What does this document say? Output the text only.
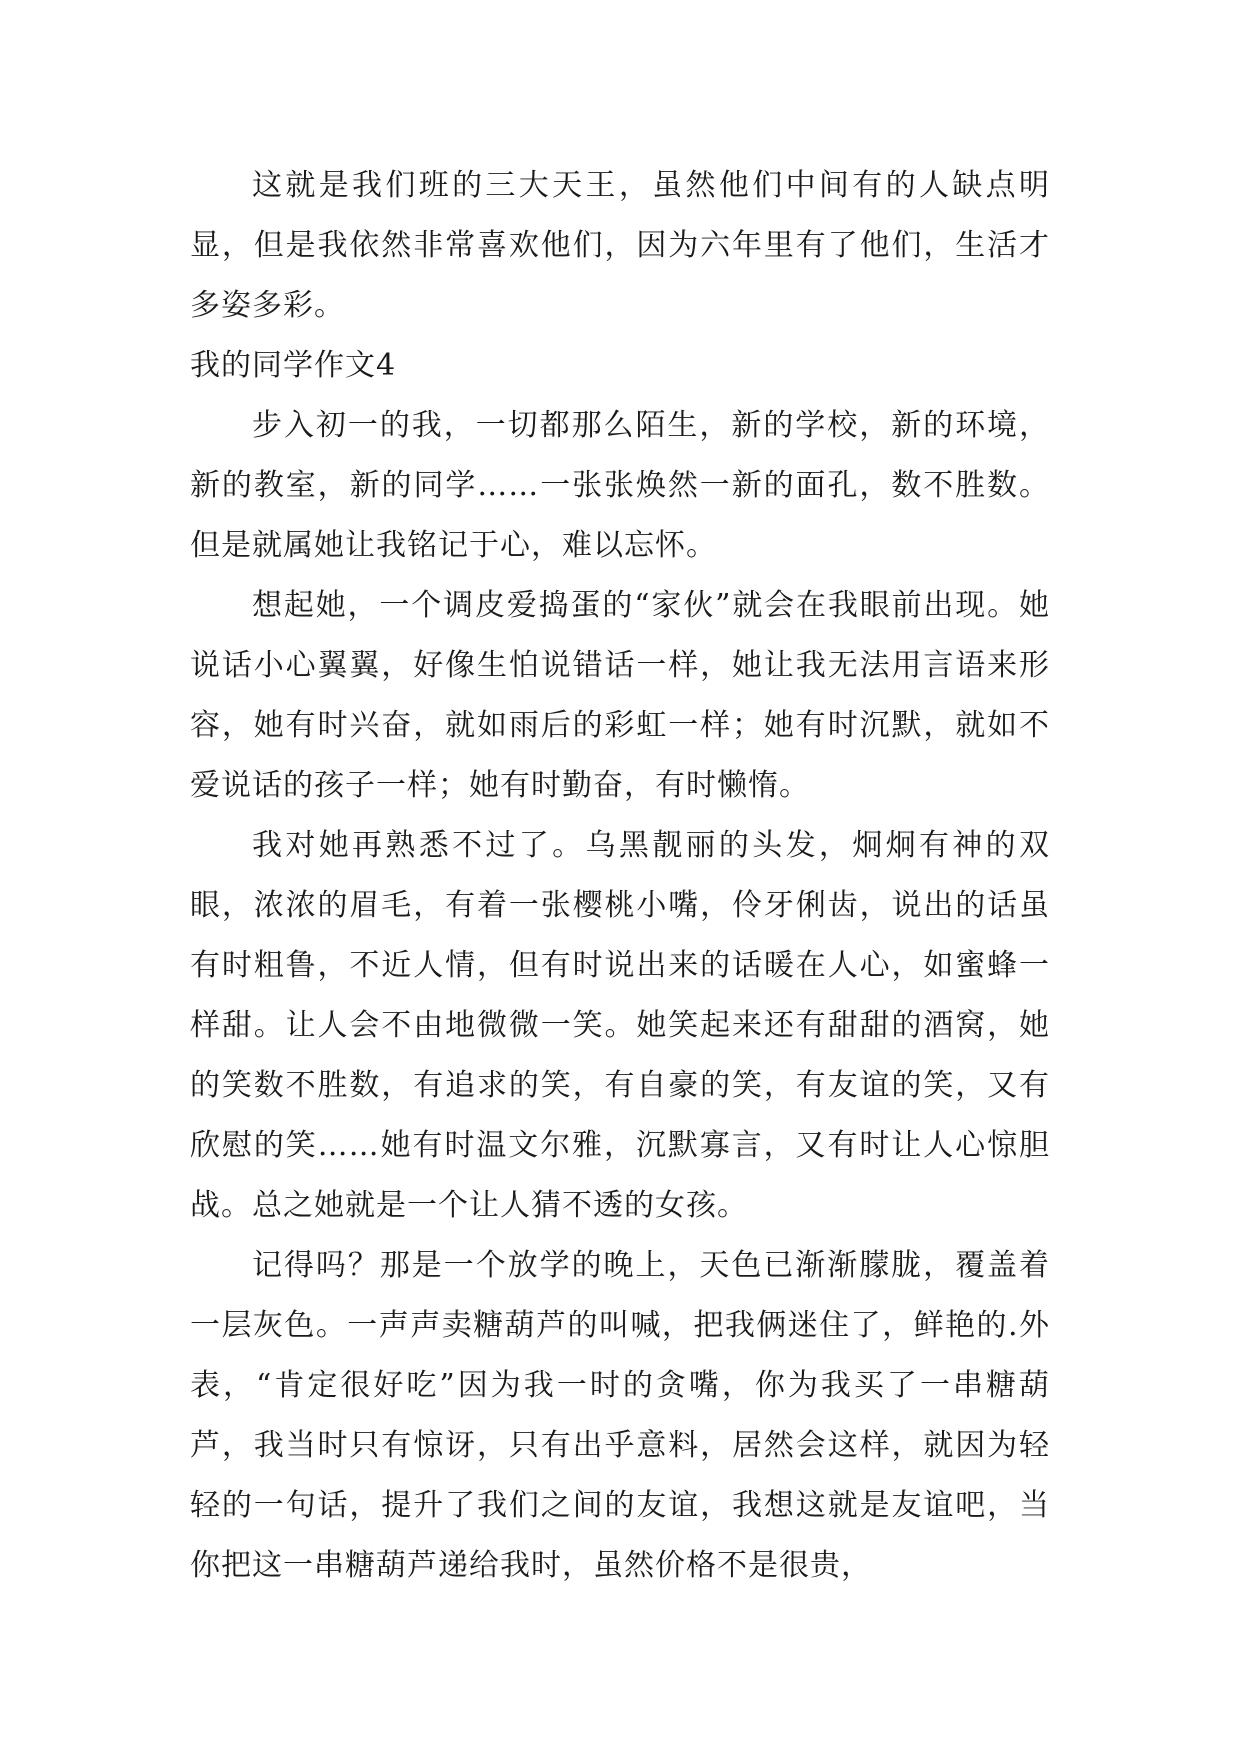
这就是我们班的三大天王，虽然他们中间有的人缺点明显，但是我依然非常喜欢他们，因为六年里有了他们，生活才多姿多彩。

我的同学作文4

步入初一的我，一切都那么陌生，新的学校，新的环境，新的教室，新的同学……一张张焕然一新的面孔，数不胜数。但是就属她让我铭记于心，难以忘怀。

想起她，一个调皮爱捣蛋的“家伙”就会在我眼前出现。她说话小心翼翼，好像生怕说错话一样，她让我无法用言语来形容，她有时兴奋，就如雨后的彩虹一样；她有时沉默，就如不爱说话的孩子一样；她有时勤奋，有时懒惰。

我对她再熟悉不过了。乌黑靓丽的头发，炯炯有神的双眼，浓浓的眉毛，有着一张樱桃小嘴，伶牙俐齿，说出的话虽有时粗鲁，不近人情，但有时说出来的话暖在人心，如蜜蜂一样甜。让人会不由地微微一笑。她笑起来还有甜甜的酒窝，她的笑数不胜数，有追求的笑，有自豪的笑，有友谊的笑，又有欣慰的笑……她有时温文尔雅，沉默寡言，又有时让人心惊胆战。总之她就是一个让人猜不透的女孩。

记得吗？那是一个放学的晚上，天色已渐渐朦胧，覆盖着一层灰色。一声声卖糖葫芦的叫喊，把我俩迷住了，鲜艳的.外表，“肯定很好吃”因为我一时的贪嘴，你为我买了一串糖葫芦，我当时只有惊讶，只有出乎意料，居然会这样，就因为轻轻的一句话，提升了我们之间的友谊，我想这就是友谊吧，当你把这一串糖葫芦递给我时，虽然价格不是很贵，
